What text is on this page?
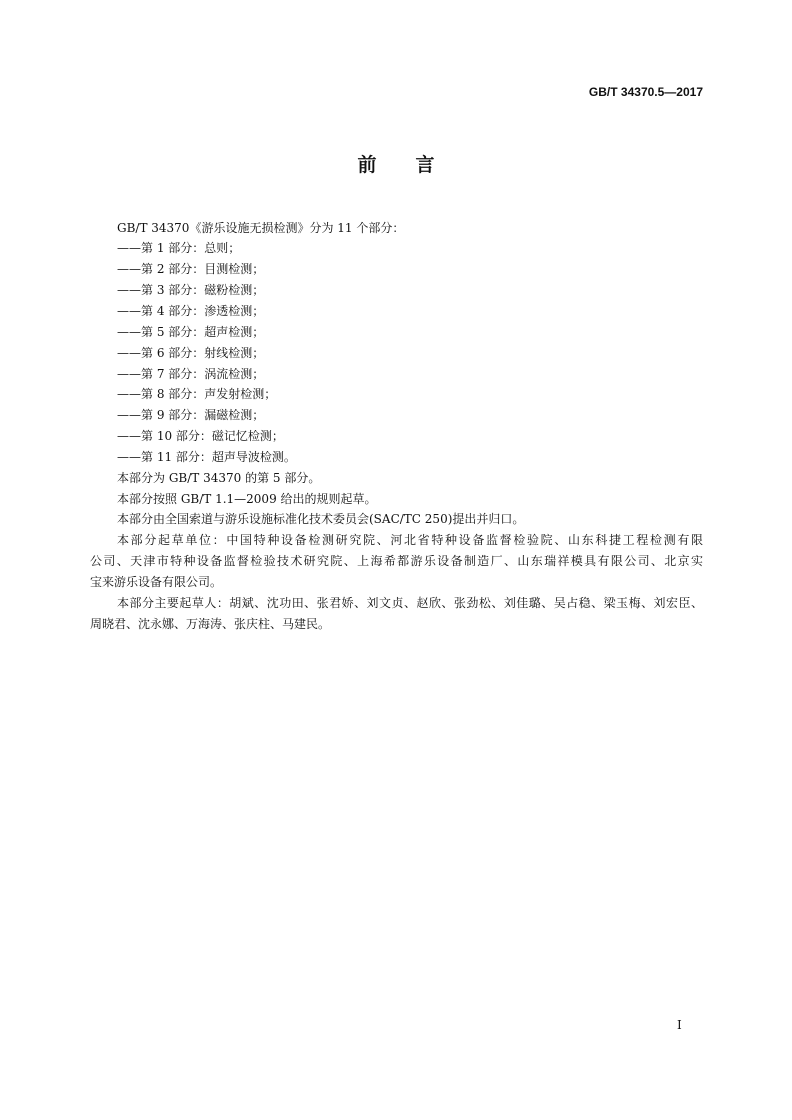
GB/T 34370.5—2017
前　言
GB/T 34370《游乐设施无损检测》分为 11 个部分：
——第 1 部分：总则；
——第 2 部分：目测检测；
——第 3 部分：磁粉检测；
——第 4 部分：渗透检测；
——第 5 部分：超声检测；
——第 6 部分：射线检测；
——第 7 部分：涡流检测；
——第 8 部分：声发射检测；
——第 9 部分：漏磁检测；
——第 10 部分：磁记忆检测；
——第 11 部分：超声导波检测。
本部分为 GB/T 34370 的第 5 部分。
本部分按照 GB/T 1.1—2009 给出的规则起草。
本部分由全国索道与游乐设施标准化技术委员会(SAC/TC 250)提出并归口。
本部分起草单位：中国特种设备检测研究院、河北省特种设备监督检验院、山东科捷工程检测有限
公司、天津市特种设备监督检验技术研究院、上海希都游乐设备制造厂、山东瑞祥模具有限公司、北京实
宝来游乐设备有限公司。
本部分主要起草人：胡斌、沈功田、张君娇、刘文贞、赵欣、张劲松、刘佳璐、吴占稳、梁玉梅、刘宏臣、
周晓君、沈永娜、万海涛、张庆柱、马建民。
I
